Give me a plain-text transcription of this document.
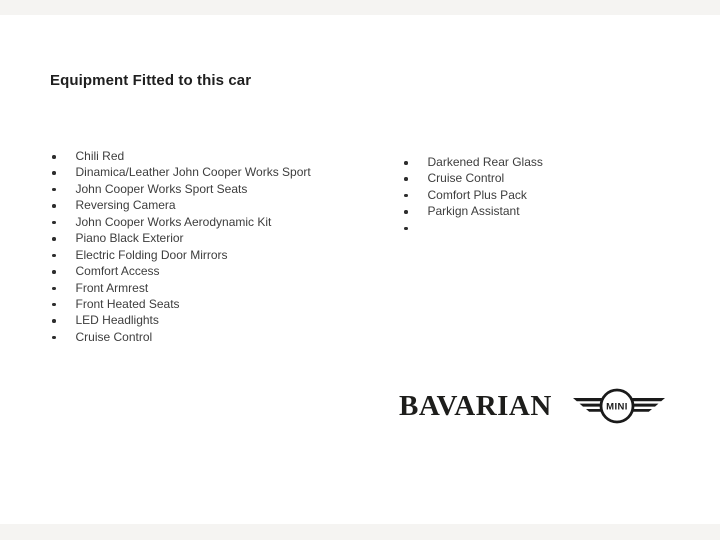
Equipment Fitted to this car
Chili Red
Dinamica/Leather John Cooper Works Sport
John Cooper Works Sport Seats
Reversing Camera
John Cooper Works Aerodynamic Kit
Piano Black Exterior
Electric Folding Door Mirrors
Comfort Access
Front Armrest
Front Heated Seats
LED Headlights
Cruise Control
Darkened Rear Glass
Cruise Control
Comfort Plus Pack
Parkign Assistant
BAVARIAN	MINI
